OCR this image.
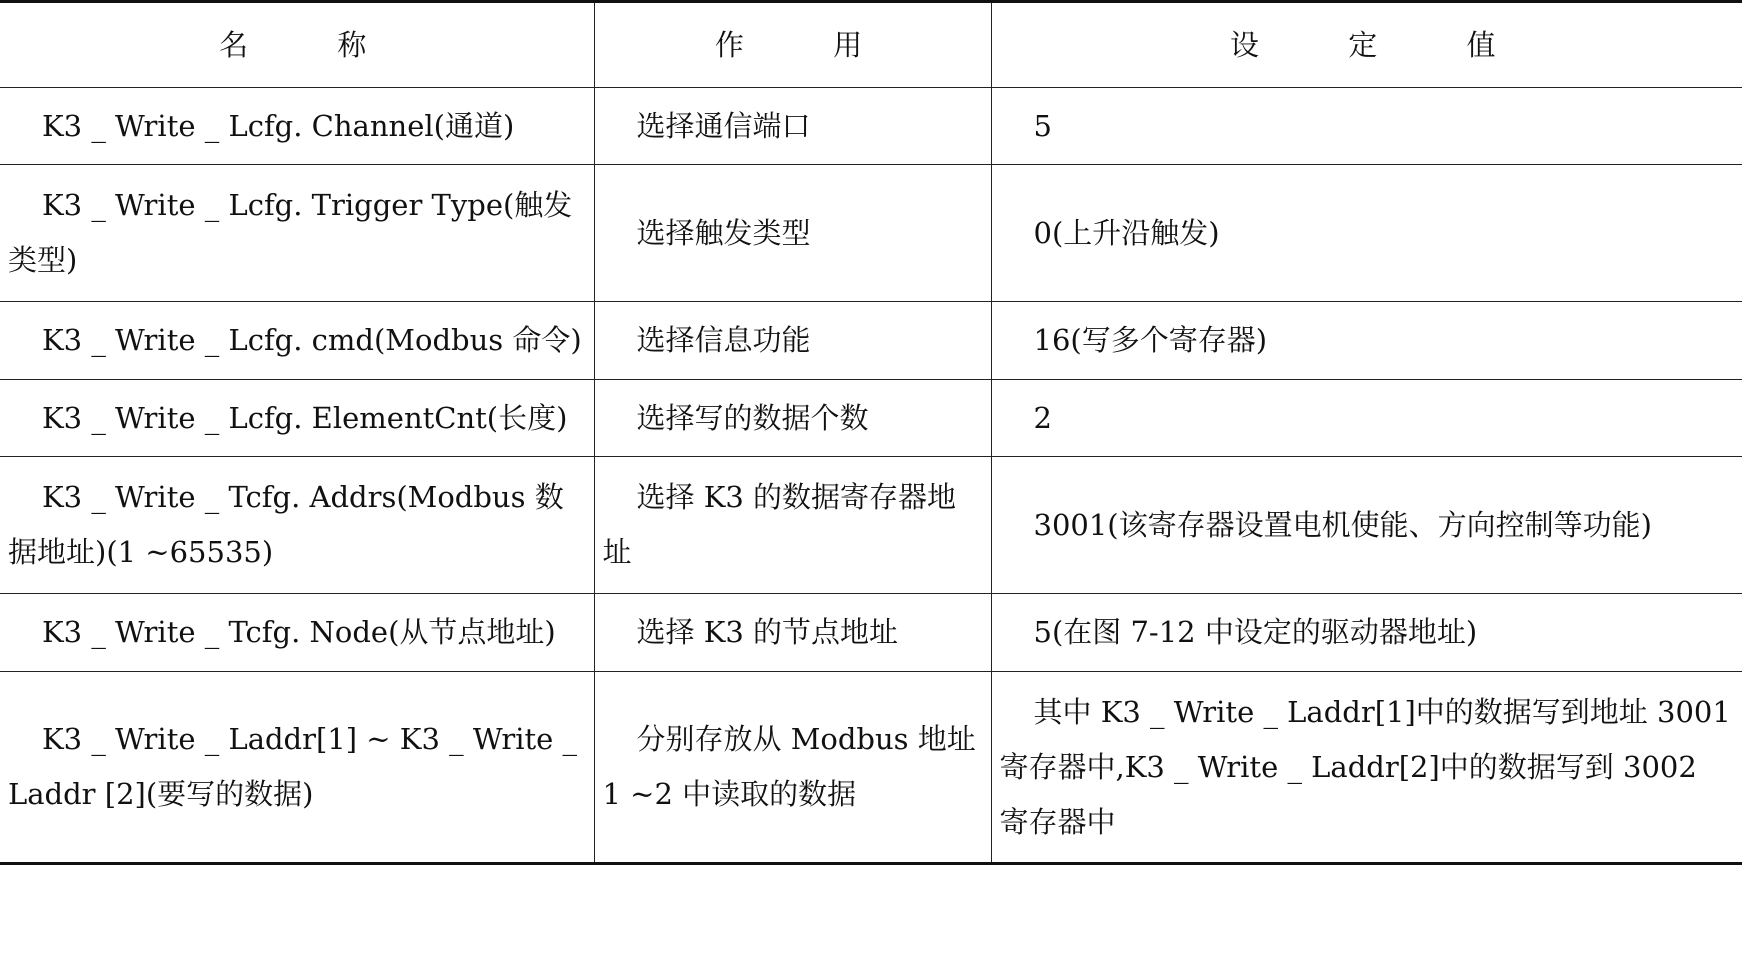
名 称	作 用	设 定 值

K3 _ Write _ Lcfg. Channel(通道)	选择通信端口	5

K3 _ Write _ Lcfg. Trigger Type(触发类型)	选择触发类型	0(上升沿触发)

K3 _ Write _ Lcfg. cmd(Modbus 命令)	选择信息功能	16(写多个寄存器)

K3 _ Write _ Lcfg. ElementCnt(长度)	选择写的数据个数	2

K3 _ Write _ Tcfg. Addrs(Modbus 数据地址)(1 ~65535)	选择 K3 的数据寄存器地址	3001(该寄存器设置电机使能、方向控制等功能)

K3 _ Write _ Tcfg. Node(从节点地址)	选择 K3 的节点地址	5(在图 7-12 中设定的驱动器地址)

K3 _ Write _ Laddr[1] ~ K3 _ Write _ Laddr [2](要写的数据)	分别存放从 Modbus 地址 1 ~2 中读取的数据	其中 K3 _ Write _ Laddr[1]中的数据写到地址 3001 寄存器中,K3 _ Write _ Laddr[2]中的数据写到 3002 寄存器中
